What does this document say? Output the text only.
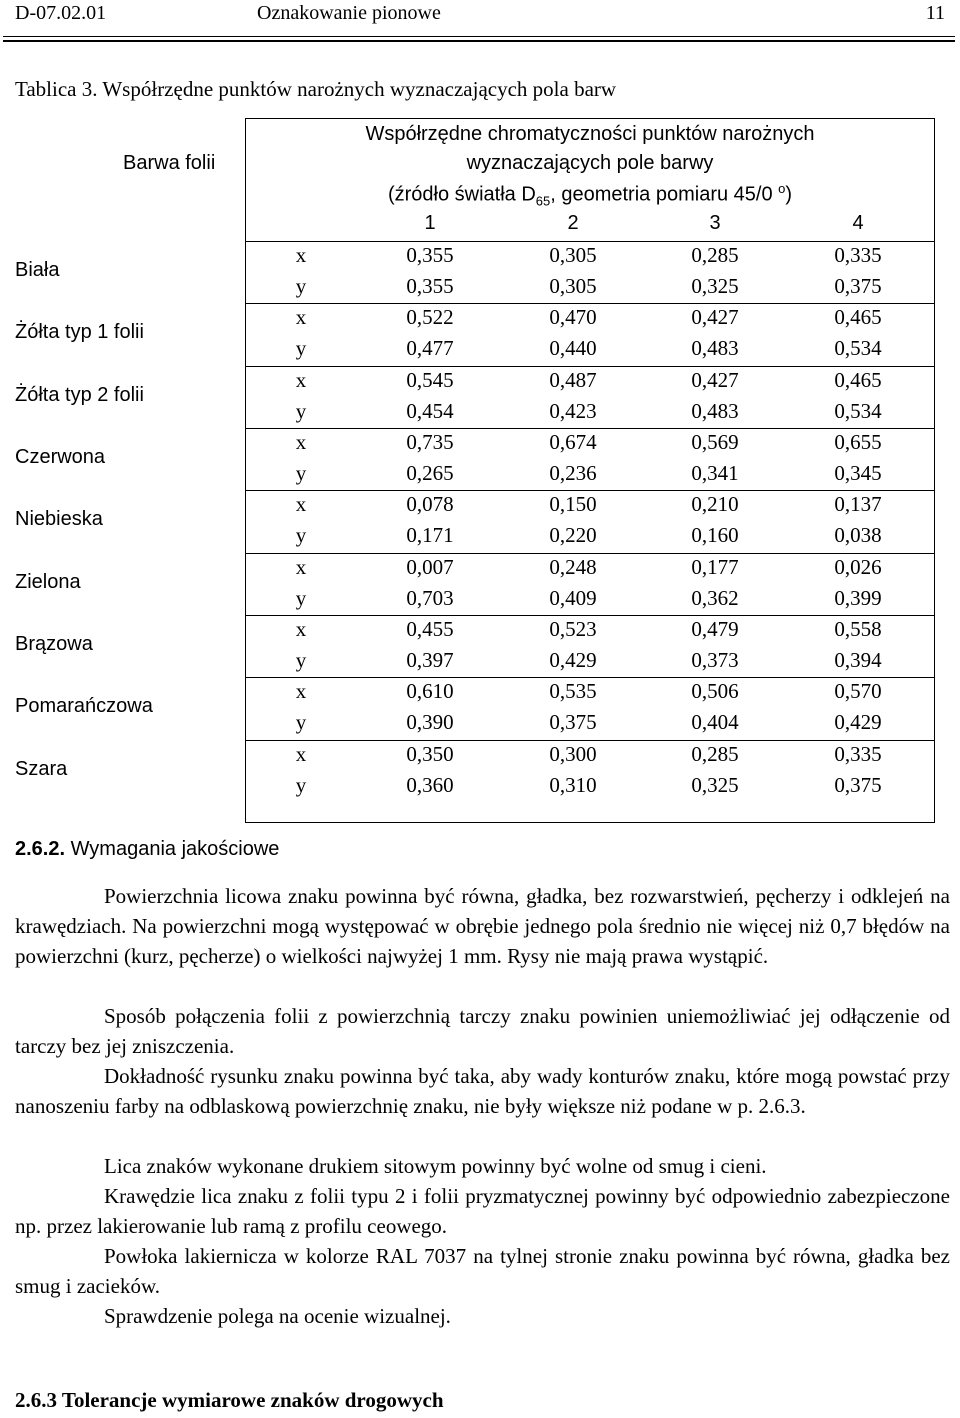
D-07.02.01	Oznakowanie pionowe	11
Tablica 3. Współrzędne punktów narożnych wyznaczających pola barw
Barwa folii
Współrzędne chromatyczności punktów narożnych
wyznaczających pole barwy
(źródło światła $D_{65}$, geometria pomiaru 45/0 $^o$)
1	2	3	4
Biała
x	0,355	0,305	0,285	0,335
y	0,355	0,305	0,325	0,375
Żółta typ 1 folii
x	0,522	0,470	0,427	0,465
y	0,477	0,440	0,483	0,534
Żółta typ 2 folii
x	0,545	0,487	0,427	0,465
y	0,454	0,423	0,483	0,534
Czerwona
x	0,735	0,674	0,569	0,655
y	0,265	0,236	0,341	0,345
Niebieska
x	0,078	0,150	0,210	0,137
y	0,171	0,220	0,160	0,038
Zielona
x	0,007	0,248	0,177	0,026
y	0,703	0,409	0,362	0,399
Brązowa
x	0,455	0,523	0,479	0,558
y	0,397	0,429	0,373	0,394
Pomarańczowa
x	0,610	0,535	0,506	0,570
y	0,390	0,375	0,404	0,429
Szara
x	0,350	0,300	0,285	0,335
y	0,360	0,310	0,325	0,375
2.6.2. Wymagania jakościowe

Powierzchnia licowa znaku powinna być równa, gładka, bez rozwarstwień, pęcherzy i odklejeń na krawędziach. Na powierzchni mogą występować w obrębie jednego pola średnio nie więcej niż 0,7 błędów na powierzchni (kurz, pęcherze) o wielkości najwyżej 1 mm. Rysy nie mają prawa wystąpić.

Sposób połączenia folii z powierzchnią tarczy znaku powinien uniemożliwiać jej odłączenie od tarczy bez jej zniszczenia.

Dokładność rysunku znaku powinna być taka, aby wady konturów znaku, które mogą powstać przy nanoszeniu farby na odblaskową powierzchnię znaku, nie były większe niż podane w p. 2.6.3.

Lica znaków wykonane drukiem sitowym powinny być wolne od smug i cieni.

Krawędzie lica znaku z folii typu 2 i folii pryzmatycznej powinny być odpowiednio zabezpieczone np. przez lakierowanie lub ramą z profilu ceowego.

Powłoka lakiernicza w kolorze RAL 7037 na tylnej stronie znaku powinna być równa, gładka bez smug i zacieków.

Sprawdzenie polega na ocenie wizualnej.

2.6.3 Tolerancje wymiarowe znaków drogowych
